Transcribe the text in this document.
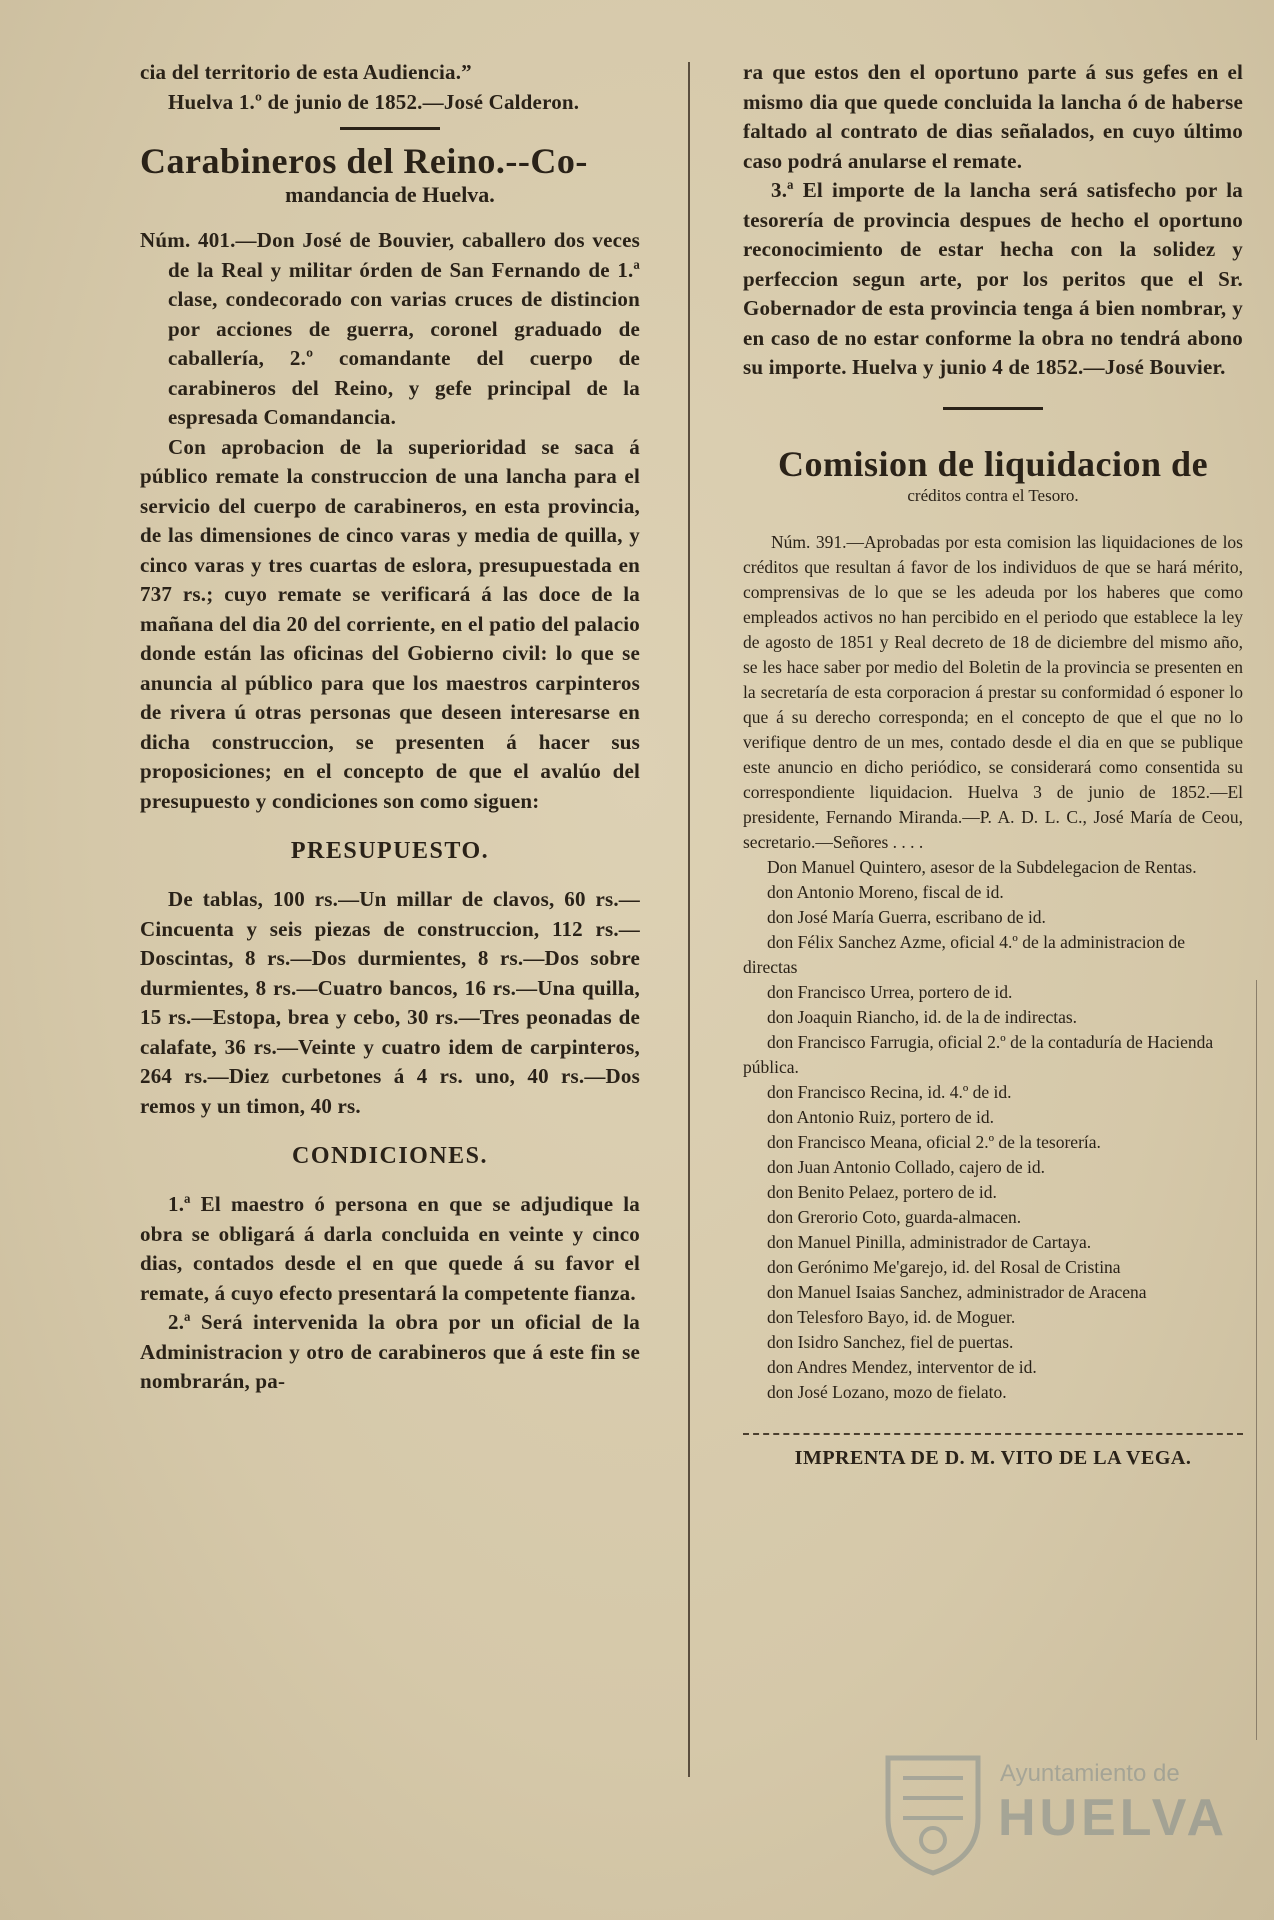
cia del territorio de esta Audiencia.”

Huelva 1.º de junio de 1852.—José Calderon.

Carabineros del Reino.--Co-

mandancia de Huelva.

Núm. 401.—Don José de Bouvier, caballero dos veces de la Real y militar órden de San Fernando de 1.ª clase, condecorado con varias cruces de distincion por acciones de guerra, coronel graduado de caballería, 2.º comandante del cuerpo de carabineros del Reino, y gefe principal de la espresada Comandancia.

Con aprobacion de la superioridad se saca á público remate la construccion de una lancha para el servicio del cuerpo de carabineros, en esta provincia, de las dimensiones de cinco varas y media de quilla, y cinco varas y tres cuartas de eslora, presupuestada en 737 rs.; cuyo remate se verificará á las doce de la mañana del dia 20 del corriente, en el patio del palacio donde están las oficinas del Gobierno civil: lo que se anuncia al público para que los maestros carpinteros de rivera ú otras personas que deseen interesarse en dicha construccion, se presenten á hacer sus proposiciones; en el concepto de que el avalúo del presupuesto y condiciones son como siguen:

PRESUPUESTO.

De tablas, 100 rs.—Un millar de clavos, 60 rs.—Cincuenta y seis piezas de construccion, 112 rs.—Doscintas, 8 rs.—Dos durmientes, 8 rs.—Dos sobre durmientes, 8 rs.—Cuatro bancos, 16 rs.—Una quilla, 15 rs.—Estopa, brea y cebo, 30 rs.—Tres peonadas de calafate, 36 rs.—Veinte y cuatro idem de carpinteros, 264 rs.—Diez curbetones á 4 rs. uno, 40 rs.—Dos remos y un timon, 40 rs.

CONDICIONES.

1.ª El maestro ó persona en que se adjudique la obra se obligará á darla concluida en veinte y cinco dias, contados desde el en que quede á su favor el remate, á cuyo efecto presentará la competente fianza.

2.ª Será intervenida la obra por un oficial de la Administracion y otro de carabineros que á este fin se nombrarán, pa-

ra que estos den el oportuno parte á sus gefes en el mismo dia que quede concluida la lancha ó de haberse faltado al contrato de dias señalados, en cuyo último caso podrá anularse el remate.

3.ª El importe de la lancha será satisfecho por la tesorería de provincia despues de hecho el oportuno reconocimiento de estar hecha con la solidez y perfeccion segun arte, por los peritos que el Sr. Gobernador de esta provincia tenga á bien nombrar, y en caso de no estar conforme la obra no tendrá abono su importe. Huelva y junio 4 de 1852.—José Bouvier.

Comision de liquidacion de

créditos contra el Tesoro.

Núm. 391.—Aprobadas por esta comision las liquidaciones de los créditos que resultan á favor de los individuos de que se hará mérito, comprensivas de lo que se les adeuda por los haberes que como empleados activos no han percibido en el periodo que establece la ley de agosto de 1851 y Real decreto de 18 de diciembre del mismo año, se les hace saber por medio del Boletin de la provincia se presenten en la secretaría de esta corporacion á prestar su conformidad ó esponer lo que á su derecho corresponda; en el concepto de que el que no lo verifique dentro de un mes, contado desde el dia en que se publique este anuncio en dicho periódico, se considerará como consentida su correspondiente liquidacion. Huelva 3 de junio de 1852.—El presidente, Fernando Miranda.—P. A. D. L. C., José María de Ceou, secretario.—Señores . . . .

Don Manuel Quintero, asesor de la Subdelegacion de Rentas.

don Antonio Moreno, fiscal de id.

don José María Guerra, escribano de id.

don Félix Sanchez Azme, oficial 4.º de la administracion de directas

don Francisco Urrea, portero de id.

don Joaquin Riancho, id. de la de indirectas.

don Francisco Farrugia, oficial 2.º de la contaduría de Hacienda pública.

don Francisco Recina, id. 4.º de id.

don Antonio Ruiz, portero de id.

don Francisco Meana, oficial 2.º de la tesorería.

don Juan Antonio Collado, cajero de id.

don Benito Pelaez, portero de id.

don Grerorio Coto, guarda-almacen.

don Manuel Pinilla, administrador de Cartaya.

don Gerónimo Me'garejo, id. del Rosal de Cristina

don Manuel Isaias Sanchez, administrador de Aracena

don Telesforo Bayo, id. de Moguer.

don Isidro Sanchez, fiel de puertas.

don Andres Mendez, interventor de id.

don José Lozano, mozo de fielato.

IMPRENTA DE D. M. VITO DE LA VEGA.

Ayuntamiento de
HUELVA
